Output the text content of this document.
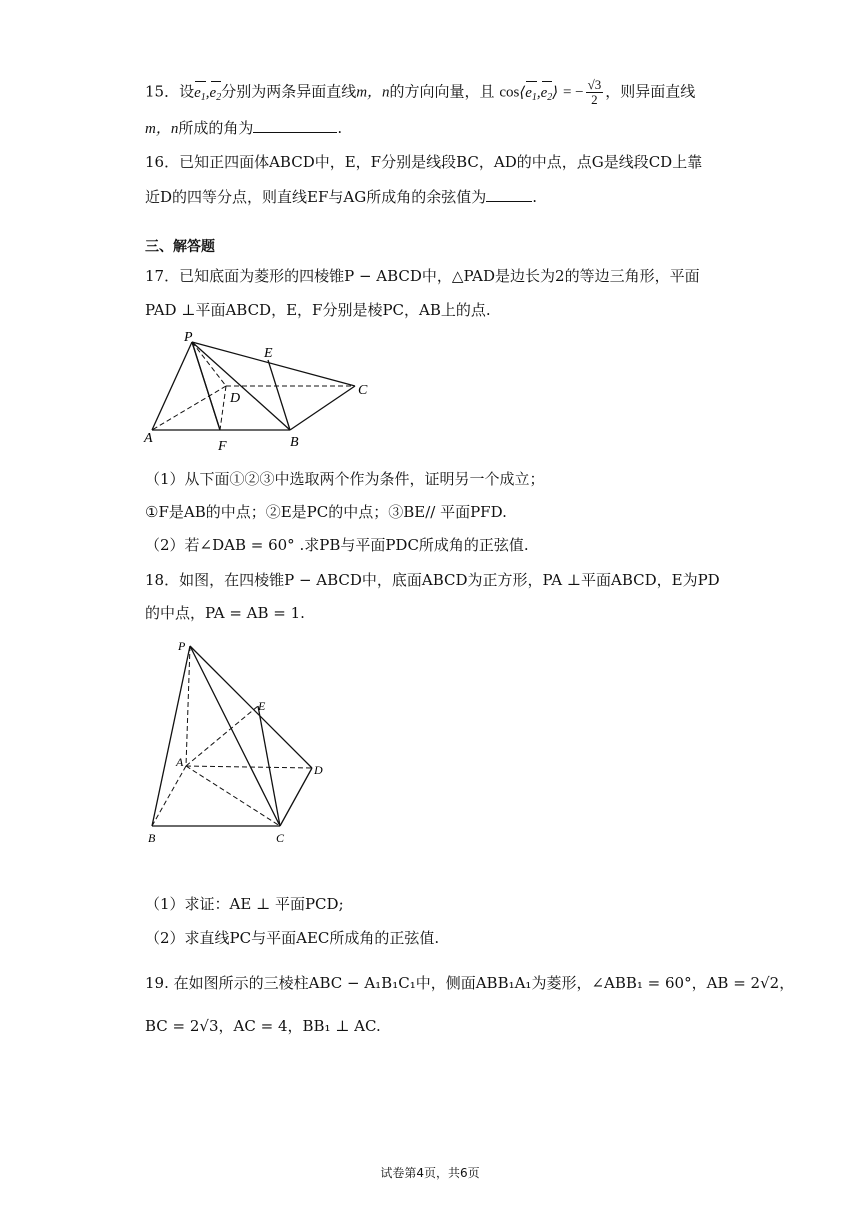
15．设$e_1,e_2$分别为两条异面直线m，n的方向向量，且 $\cos⟨e_1,e_2⟩$ = − $\frac{√3}{2}$ ，则异面直线
m，n所成的角为	.
16．已知正四面体ABCD中，E，F分别是线段BC，AD的中点，点G是线段CD上靠
近D的四等分点，则直线EF与AG所成角的余弦值为	.
三、解答题
17．已知底面为菱形的四棱锥P − ABCD中，△PAD是边长为2的等边三角形，平面
PAD ⊥平面ABCD，E，F分别是棱PC，AB上的点.
P
E
C
D
A
F	B
（1）从下面①②③中选取两个作为条件，证明另一个成立；
①F是AB的中点；②E是PC的中点；③BE// 平面PFD.
（2）若∠DAB = 60° .求PB与平面PDC所成角的正弦值.
18．如图，在四棱锥P − ABCD中，底面ABCD为正方形，PA ⊥平面ABCD，E为PD
的中点，PA = AB = 1.
P
E
A
D
B	C
（1）求证：AE ⊥ 平面PCD;
（2）求直线PC与平面AEC所成角的正弦值.
19. 在如图所示的三棱柱ABC − A₁B₁C₁中，侧面ABB₁A₁为菱形，∠ABB₁ = 60°，AB = 2√2，
BC = 2√3，AC = 4，BB₁ ⊥ AC.
试卷第4页，共6页
